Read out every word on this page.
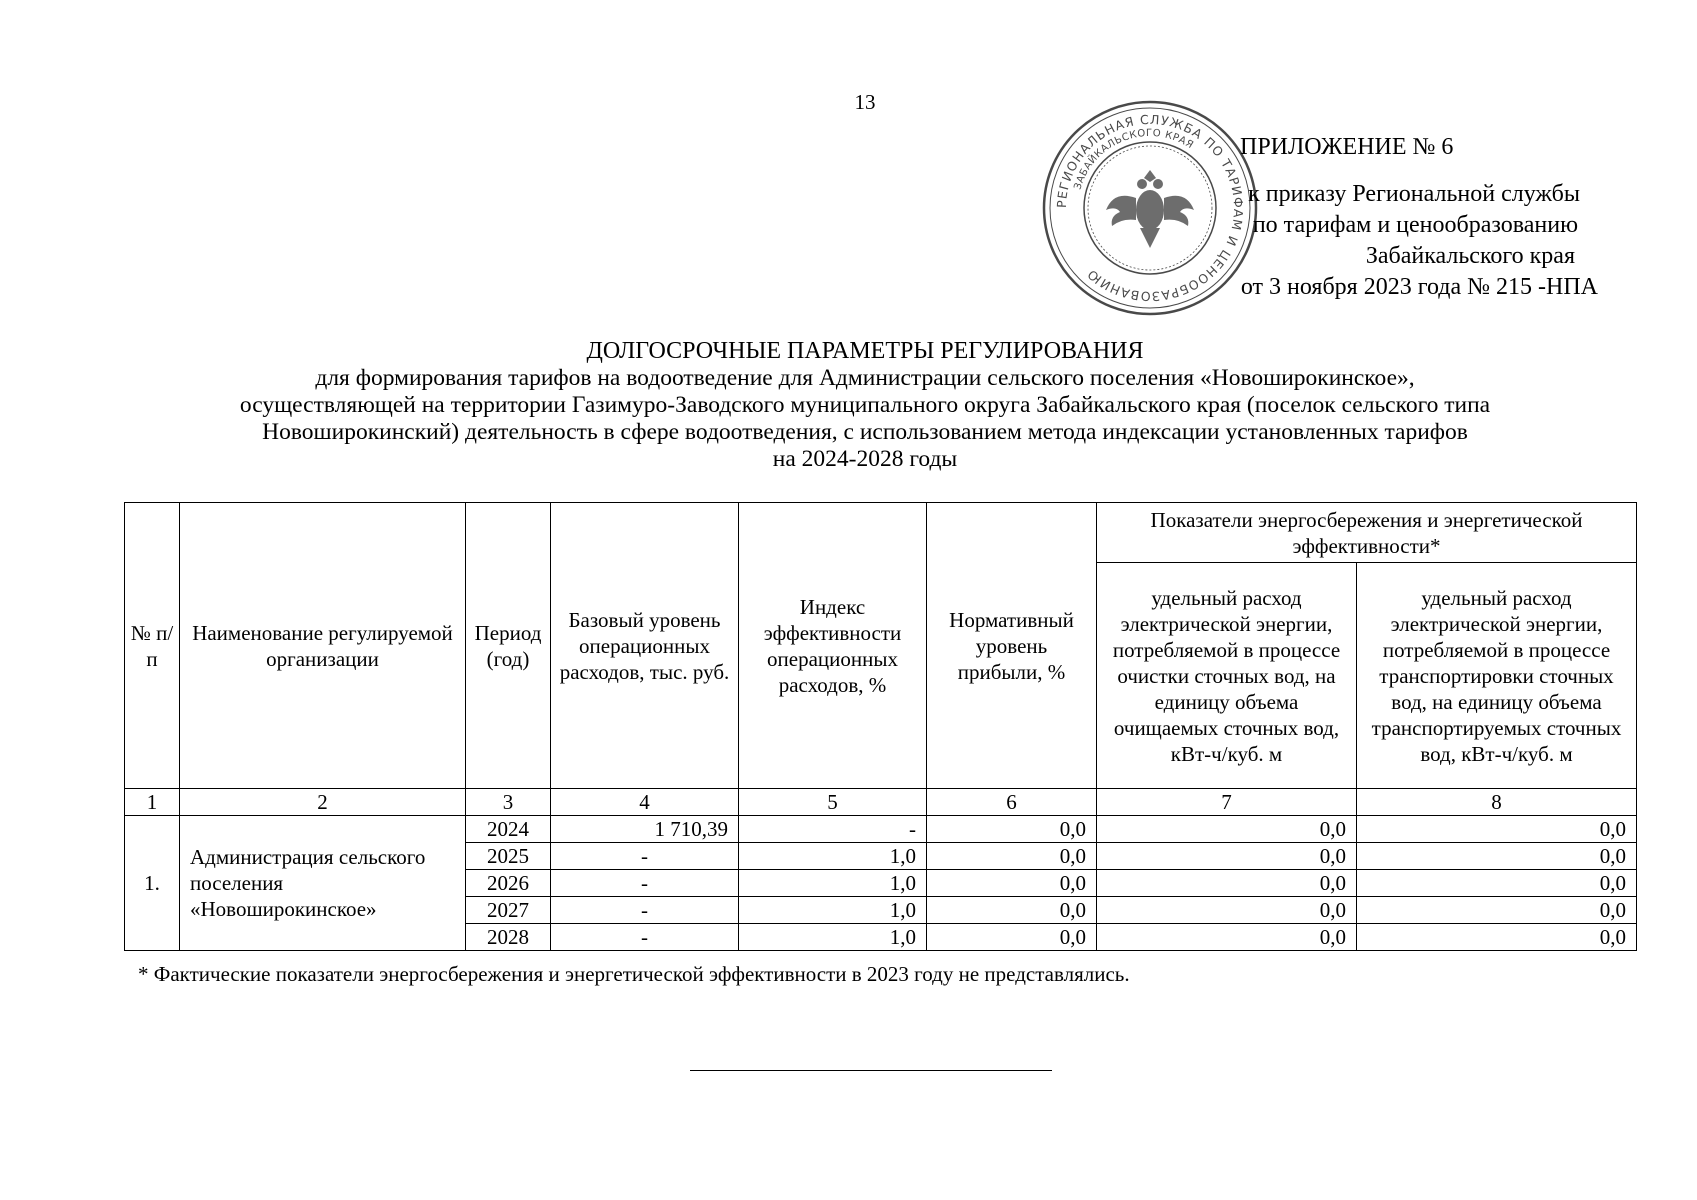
13
РЕГИОНАЛЬНАЯ СЛУЖБА ПО ТАРИФАМ И ЦЕНООБРАЗОВАНИЮ
ЗАБАЙКАЛЬСКОГО КРАЯ	ПРИЛОЖЕНИЕ № 6
к приказу Региональной службы
по тарифам и ценообразованию
Забайкальского края
от 3 ноября 2023 года № 215 -НПА
ДОЛГОСРОЧНЫЕ ПАРАМЕТРЫ РЕГУЛИРОВАНИЯ
для формирования тарифов на водоотведение для Администрации сельского поселения «Новоширокинское»,
осуществляющей на территории Газимуро-Заводского муниципального округа Забайкальского края (поселок сельского типа
Новоширокинский) деятельность в сфере водоотведения, с использованием метода индексации установленных тарифов
на 2024-2028 годы
№ п/п	Наименование регулируемой организации	Период (год)	Базовый уровень операционных расходов, тыс. руб.	Индекс эффективности операционных расходов, %	Нормативный уровень прибыли, %	Показатели энергосбережения и энергетической эффективности*	
						удельный расход электрической энергии, потребляемой в процессе очистки сточных вод, на единицу объема очищаемых сточных вод, кВт-ч/куб. м	удельный расход электрической энергии, потребляемой в процессе транспортировки сточных вод, на единицу объема транспортируемых сточных вод, кВт-ч/куб. м
1	2	3	4	5	6	7	8
1.	Администрация сельского поселения «Новоширокинское»	2024	1 710,39	-	0,0	0,0	0,0
		2025	-	1,0	0,0	0,0	0,0
		2026	-	1,0	0,0	0,0	0,0
		2027	-	1,0	0,0	0,0	0,0
		2028	-	1,0	0,0	0,0	0,0
* Фактические показатели энергосбережения и энергетической эффективности в 2023 году не представлялись.
